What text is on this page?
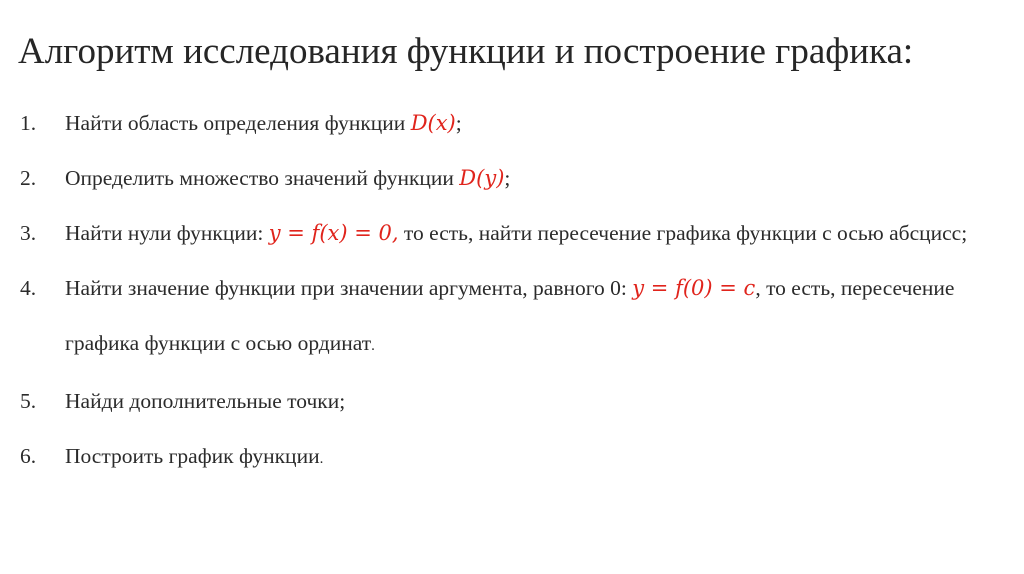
Алгоритм исследования функции и построение графика:
1. Найти область определения функции D(x);
2. Определить множество значений функции D(y);
3. Найти нули функции: y = f(x) = 0, то есть, найти пересечение графика функции с осью абсцисс;
4. Найти значение функции при значении аргумента, равного 0: y = f(0) = c, то есть, пересечение графика функции с осью ординат.
5. Найди дополнительные точки;
6. Построить график функции.
